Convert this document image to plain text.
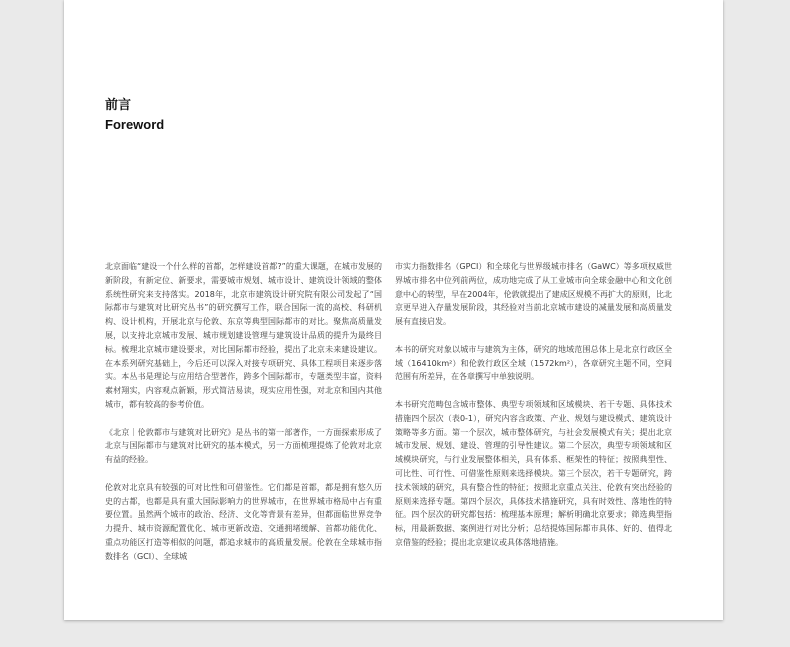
前言
Foreword

北京面临“建设一个什么样的首都，怎样建设首都?”的重大课题，在城市发展的新阶段，有新定位、新要求，需要城市规划、城市设计、建筑设计领域的整体系统性研究来支持落实。2018年，北京市建筑设计研究院有限公司发起了“国际都市与建筑对比研究丛书”的研究撰写工作，联合国际一流的高校、科研机构、设计机构，开展北京与伦敦、东京等典型国际都市的对比。聚焦高质量发展，以支持北京城市发展、城市规划建设管理与建筑设计品质的提升为最终目标。梳理北京城市建设要求，对比国际都市经验，提出了北京未来建设建议。在本系列研究基础上，今后还可以深入对接专项研究、具体工程项目来逐步落实。本丛书是理论与应用结合型著作，跨多个国际都市，专题类型丰富，资料素材翔实，内容观点新颖，形式简洁易读，现实应用性强，对北京和国内其他城市，都有较高的参考价值。

《北京｜伦敦都市与建筑对比研究》是丛书的第一部著作，一方面探索形成了北京与国际都市与建筑对比研究的基本模式，另一方面梳理提炼了伦敦对北京有益的经验。

伦敦对北京具有较强的可对比性和可借鉴性。它们都是首都，都是拥有悠久历史的古都，也都是具有重大国际影响力的世界城市，在世界城市格局中占有重要位置。虽然两个城市的政治、经济、文化等背景有差异，但都面临世界竞争力提升、城市资源配置优化、城市更新改造、交通拥堵缓解、首都功能优化、重点功能区打造等相似的问题，都追求城市的高质量发展。伦敦在全球城市指数排名（GCI）、全球城

市实力指数排名（GPCI）和全球化与世界级城市排名（GaWC）等多项权威世界城市排名中位列前两位，成功地完成了从工业城市向全球金融中心和文化创意中心的转型，早在2004年，伦敦就提出了建成区规模不再扩大的原则，比北京更早进入存量发展阶段，其经验对当前北京城市建设的减量发展和高质量发展有直接启发。

本书的研究对象以城市与建筑为主体，研究的地域范围总体上是北京行政区全域（16410km²）和伦敦行政区全域（1572km²），各章研究主题不同，空间范围有所差异，在各章撰写中单独说明。

本书研究范畴包含城市整体、典型专项领域和区域模块、若干专题、具体技术措施四个层次（表0-1），研究内容含政策、产业、规划与建设模式、建筑设计策略等多方面。第一个层次，城市整体研究，与社会发展模式有关；提出北京城市发展、规划、建设、管理的引导性建议。第二个层次，典型专项领域和区域模块研究，与行业发展整体相关，具有体系、框架性的特征；按照典型性、可比性、可行性、可借鉴性原则来选择模块。第三个层次，若干专题研究，跨技术领域的研究，具有整合性的特征；按照北京重点关注、伦敦有突出经验的原则来选择专题。第四个层次，具体技术措施研究，具有时效性、落地性的特征。四个层次的研究都包括：梳理基本原理；解析明确北京要求；筛选典型指标，用最新数据、案例进行对比分析；总结提炼国际都市具体、好的、值得北京借鉴的经验；提出北京建议或具体落地措施。
